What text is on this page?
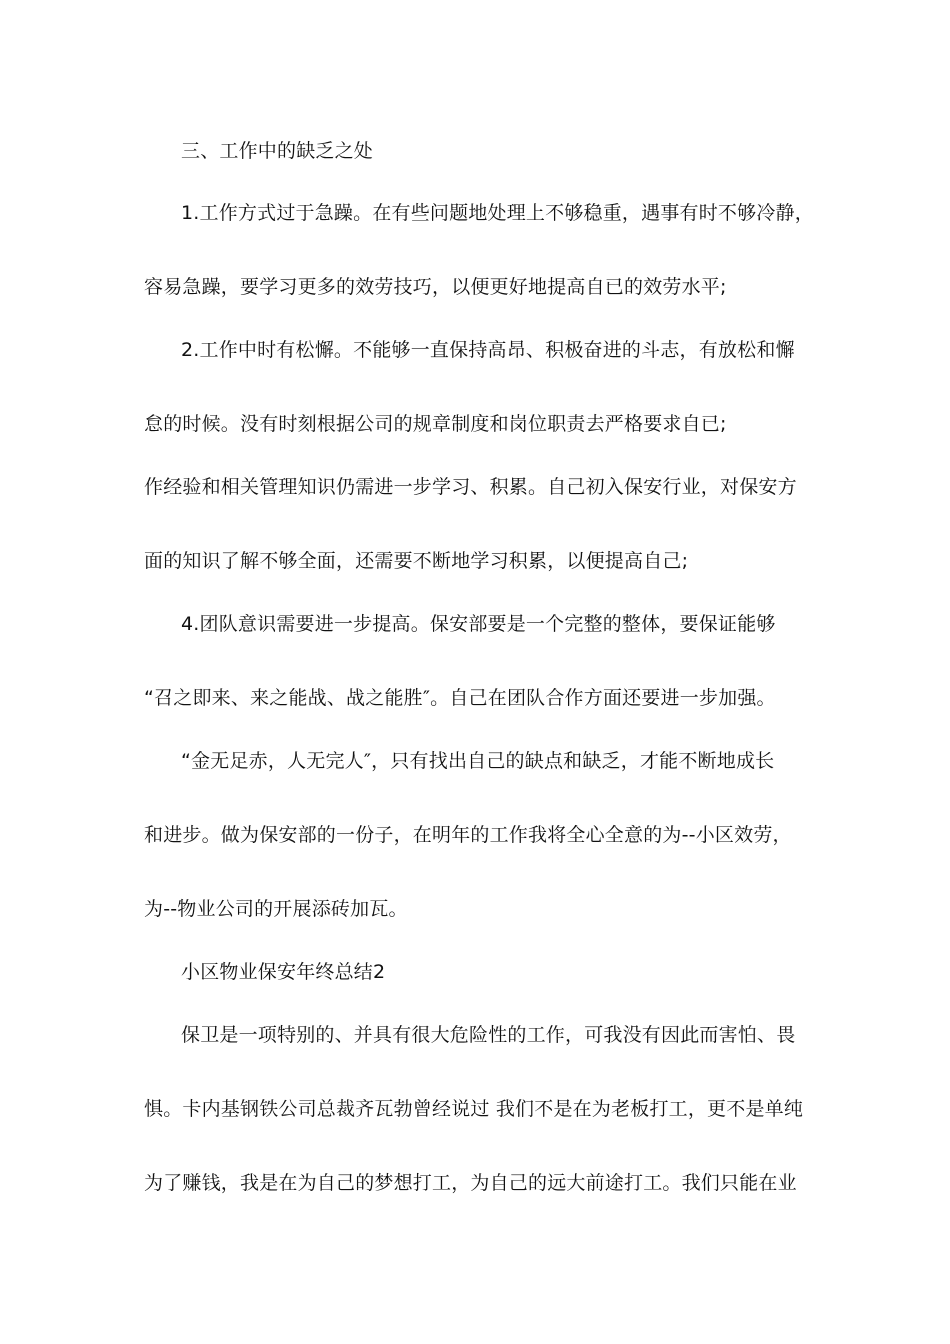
三、工作中的缺乏之处
1.工作方式过于急躁。在有些问题地处理上不够稳重，遇事有时不够冷静，
容易急躁，要学习更多的效劳技巧，以便更好地提高自已的效劳水平;
2.工作中时有松懈。不能够一直保持高昂、积极奋进的斗志，有放松和懈
怠的时候。没有时刻根据公司的规章制度和岗位职责去严格要求自已;
作经验和相关管理知识仍需进一步学习、积累。自己初入保安行业，对保安方
面的知识了解不够全面，还需要不断地学习积累，以便提高自己;
4.团队意识需要进一步提高。保安部要是一个完整的整体，要保证能够
“召之即来、来之能战、战之能胜″。自己在团队合作方面还要进一步加强。
“金无足赤，人无完人″，只有找出自己的缺点和缺乏，才能不断地成长
和进步。做为保安部的一份子，在明年的工作我将全心全意的为--小区效劳，
为--物业公司的开展添砖加瓦。
小区物业保安年终总结2
保卫是一项特别的、并具有很大危险性的工作，可我没有因此而害怕、畏
惧。卡内基钢铁公司总裁齐瓦勃曾经说过 我们不是在为老板打工，更不是单纯
为了赚钱，我是在为自己的梦想打工，为自己的远大前途打工。我们只能在业
